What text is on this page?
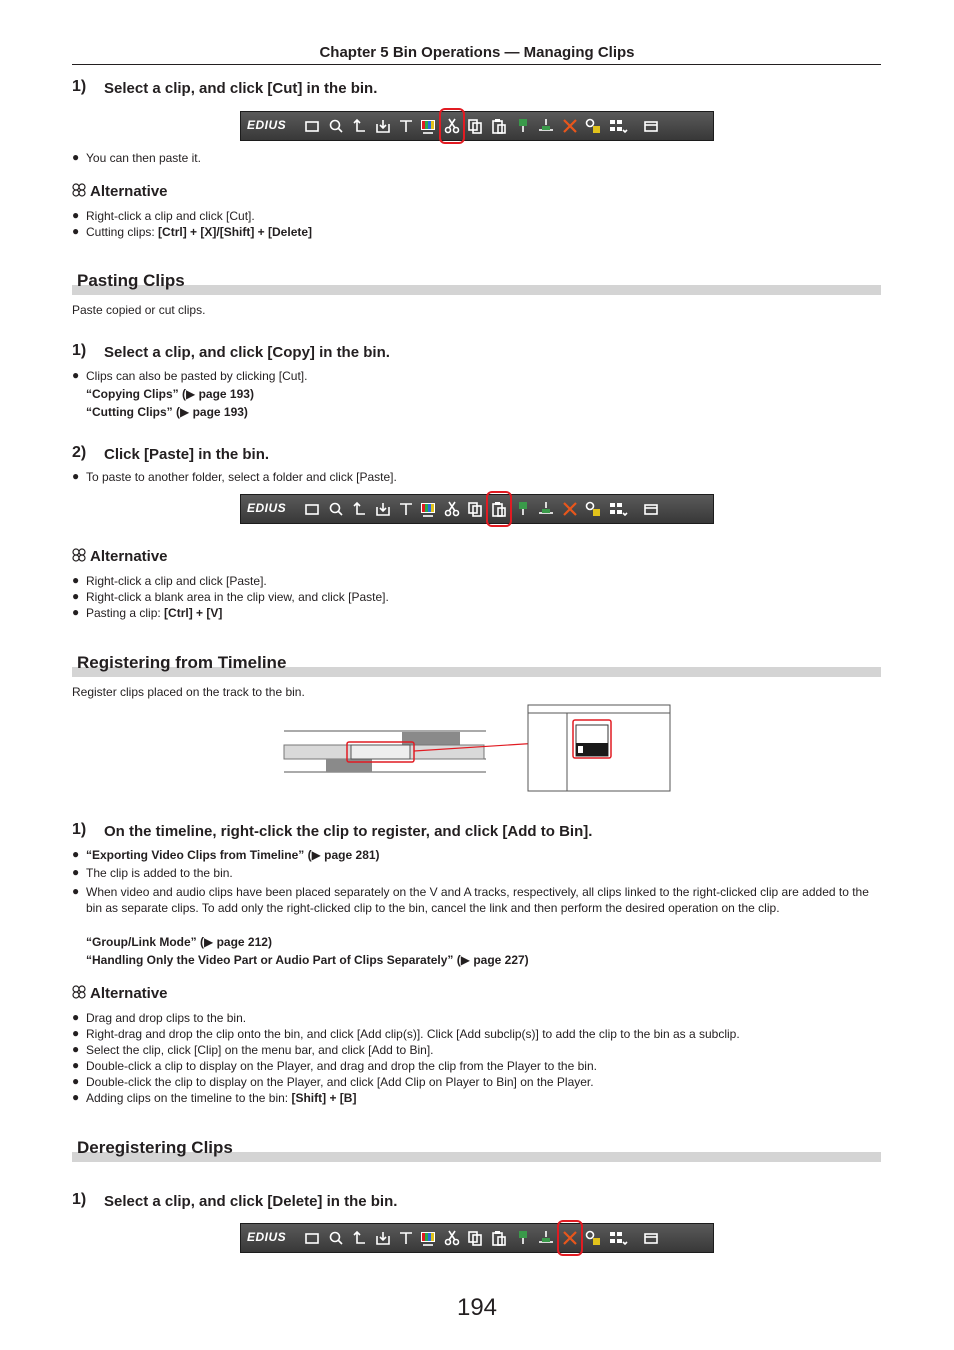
Chapter 5 Bin Operations — Managing Clips
1) Select a clip, and click [Cut] in the bin.
EDIUS
● You can then paste it.
Alternative
● Right-click a clip and click [Cut].
● Cutting clips: [Ctrl] + [X]/[Shift] + [Delete]
Pasting Clips
Paste copied or cut clips.
1) Select a clip, and click [Copy] in the bin.
● Clips can also be pasted by clicking [Cut].
“Copying Clips” (▶ page 193)
“Cutting Clips” (▶ page 193)
2) Click [Paste] in the bin.
● To paste to another folder, select a folder and click [Paste].
EDIUS
Alternative
● Right-click a clip and click [Paste].
● Right-click a blank area in the clip view, and click [Paste].
● Pasting a clip: [Ctrl] + [V]
Registering from Timeline
Register clips placed on the track to the bin.
1) On the timeline, right-click the clip to register, and click [Add to Bin].
● “Exporting Video Clips from Timeline” (▶ page 281)
● The clip is added to the bin.
● When video and audio clips have been placed separately on the V and A tracks, respectively, all clips linked to the right-clicked clip are added to the bin as separate clips. To add only the right-clicked clip to the bin, cancel the link and then perform the desired operation on the clip.
“Group/Link Mode” (▶ page 212)
“Handling Only the Video Part or Audio Part of Clips Separately” (▶ page 227)
Alternative
● Drag and drop clips to the bin.
● Right-drag and drop the clip onto the bin, and click [Add clip(s)]. Click [Add subclip(s)] to add the clip to the bin as a subclip.
● Select the clip, click [Clip] on the menu bar, and click [Add to Bin].
● Double-click a clip to display on the Player, and drag and drop the clip from the Player to the bin.
● Double-click the clip to display on the Player, and click [Add Clip on Player to Bin] on the Player.
● Adding clips on the timeline to the bin: [Shift] + [B]
Deregistering Clips
1) Select a clip, and click [Delete] in the bin.
EDIUS
194
